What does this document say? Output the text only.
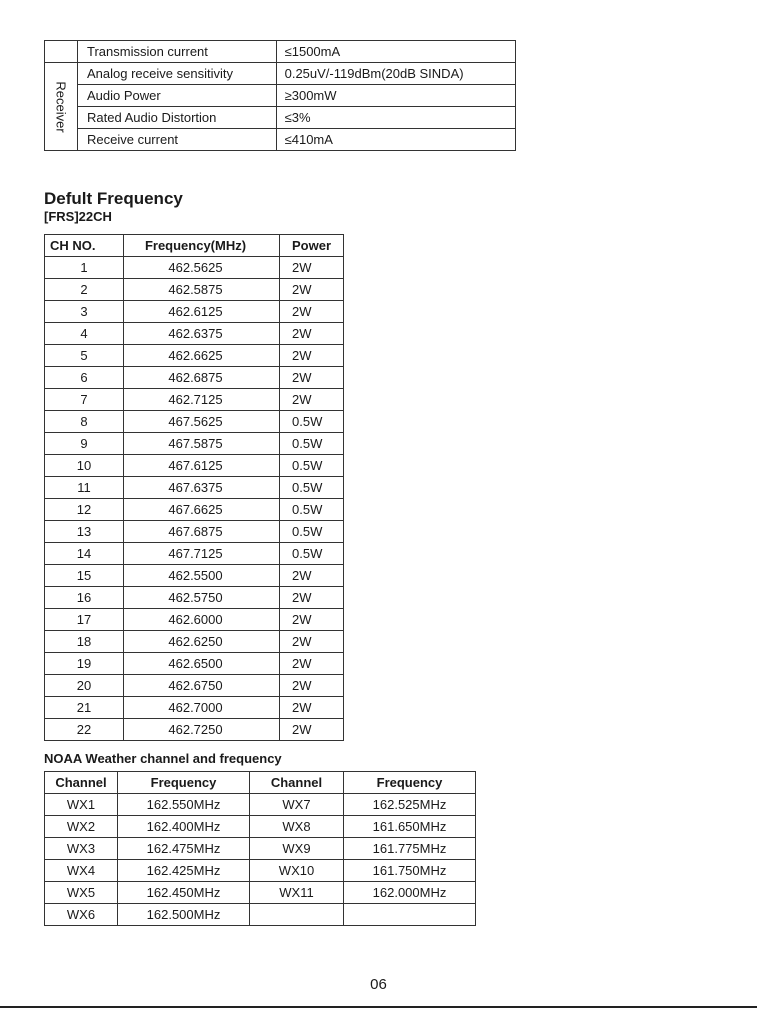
	Transmission current	≤1500mA

Receiver	Analog receive sensitivity	0.25uV/-119dBm(20dB SINDA)
	Audio Power	≥300mW
	Rated Audio Distortion	≤3%
	Receive current	≤410mA
Defult Frequency
[FRS]22CH
CH NO.	Frequency(MHz)	Power
1	462.5625	2W
2	462.5875	2W
3	462.6125	2W
4	462.6375	2W
5	462.6625	2W
6	462.6875	2W
7	462.7125	2W
8	467.5625	0.5W
9	467.5875	0.5W
10	467.6125	0.5W
11	467.6375	0.5W
12	467.6625	0.5W
13	467.6875	0.5W
14	467.7125	0.5W
15	462.5500	2W
16	462.5750	2W
17	462.6000	2W
18	462.6250	2W
19	462.6500	2W
20	462.6750	2W
21	462.7000	2W
22	462.7250	2W
NOAA Weather channel and frequency
Channel	Frequency	Channel	Frequency
WX1	162.550MHz	WX7	162.525MHz
WX2	162.400MHz	WX8	161.650MHz
WX3	162.475MHz	WX9	161.775MHz
WX4	162.425MHz	WX10	161.750MHz
WX5	162.450MHz	WX11	162.000MHz
WX6	162.500MHz		
06
